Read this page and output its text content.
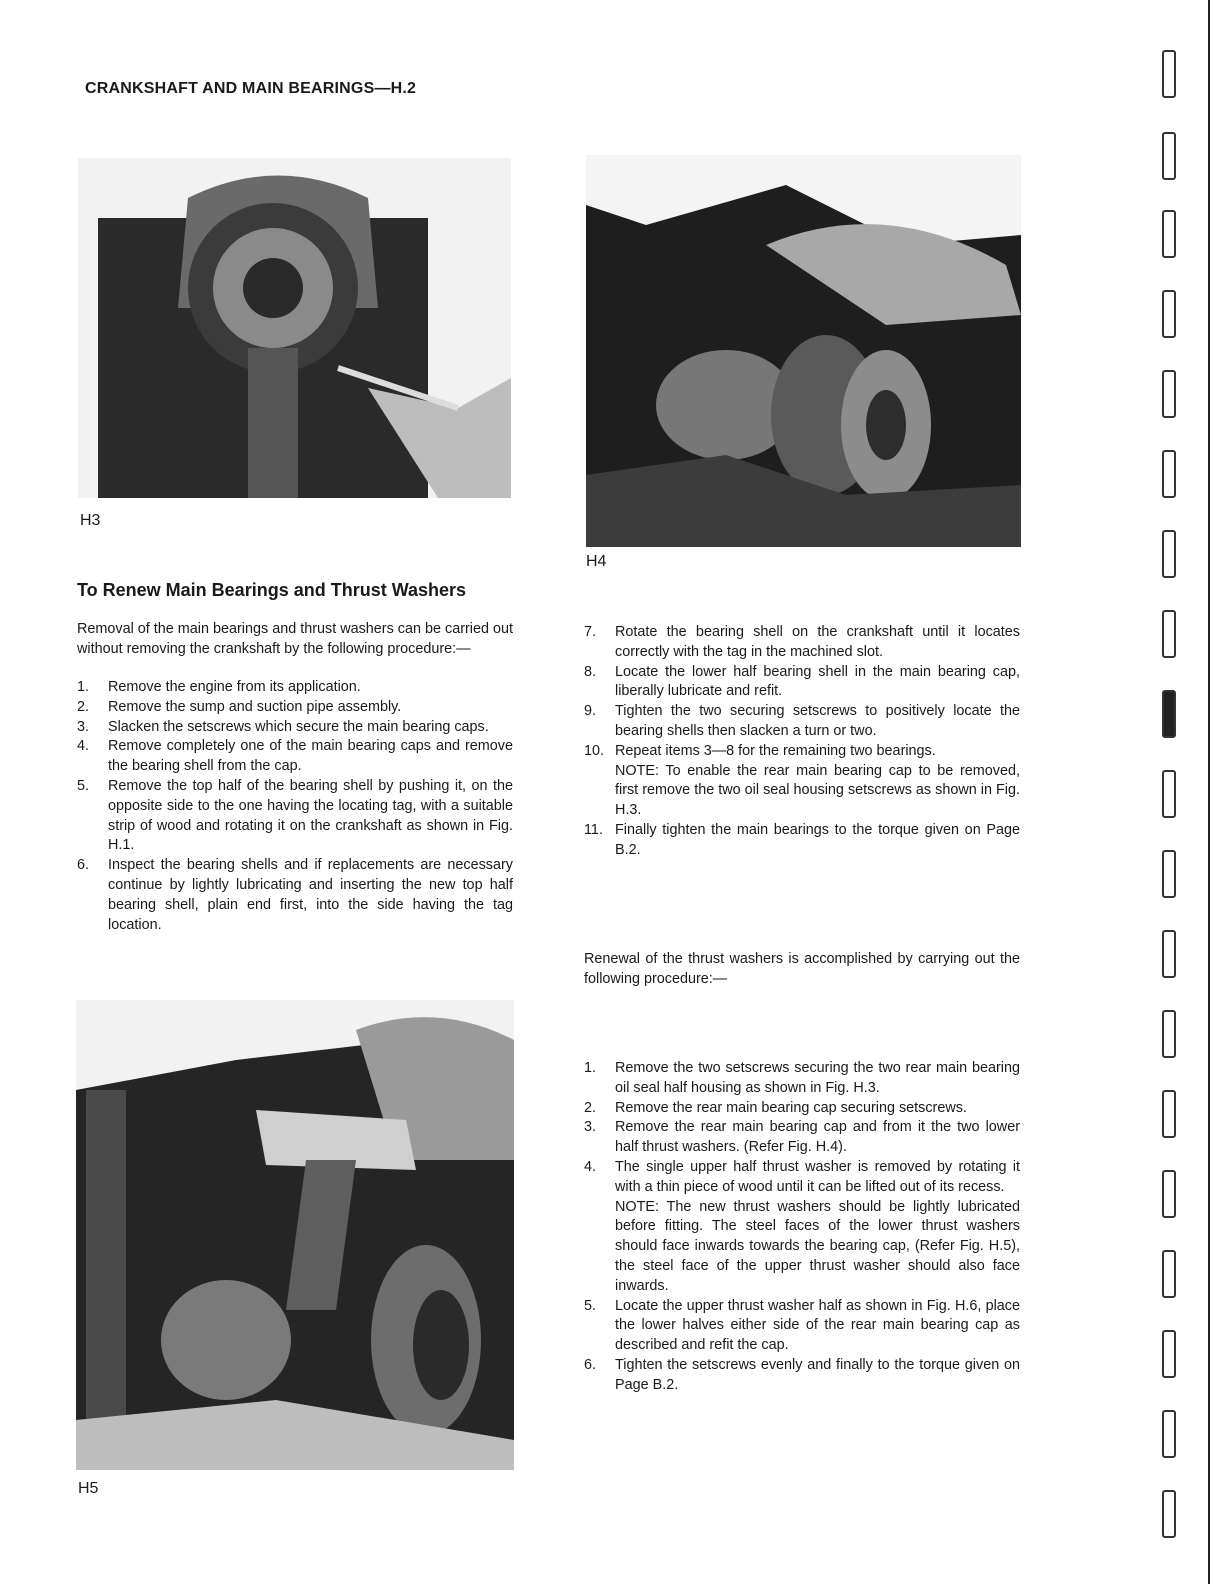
CRANKSHAFT AND MAIN BEARINGS—H.2
H3
H4
H5
To Renew Main Bearings and Thrust Washers
Removal of the main bearings and thrust washers can be carried out without removing the crankshaft by the following procedure:—
1. Remove the engine from its application.
2. Remove the sump and suction pipe assembly.
3. Slacken the setscrews which secure the main bearing caps.
4. Remove completely one of the main bearing caps and remove the bearing shell from the cap.
5. Remove the top half of the bearing shell by pushing it, on the opposite side to the one having the locating tag, with a suitable strip of wood and rotating it on the crankshaft as shown in Fig. H.1.
6. Inspect the bearing shells and if replacements are necessary continue by lightly lubricating and inserting the new top half bearing shell, plain end first, into the side having the tag location.
7. Rotate the bearing shell on the crankshaft until it locates correctly with the tag in the machined slot.
8. Locate the lower half bearing shell in the main bearing cap, liberally lubricate and refit.
9. Tighten the two securing setscrews to positively locate the bearing shells then slacken a turn or two.
10. Repeat items 3—8 for the remaining two bearings.
NOTE: To enable the rear main bearing cap to be removed, first remove the two oil seal housing setscrews as shown in Fig. H.3.
11. Finally tighten the main bearings to the torque given on Page B.2.
Renewal of the thrust washers is accomplished by carrying out the following procedure:—
1. Remove the two setscrews securing the two rear main bearing oil seal half housing as shown in Fig. H.3.
2. Remove the rear main bearing cap securing setscrews.
3. Remove the rear main bearing cap and from it the two lower half thrust washers. (Refer Fig. H.4).
4. The single upper half thrust washer is removed by rotating it with a thin piece of wood until it can be lifted out of its recess.
NOTE: The new thrust washers should be lightly lubricated before fitting. The steel faces of the lower thrust washers should face inwards towards the bearing cap, (Refer Fig. H.5), the steel face of the upper thrust washer should also face inwards.
5. Locate the upper thrust washer half as shown in Fig. H.6, place the lower halves either side of the rear main bearing cap as described and refit the cap.
6. Tighten the setscrews evenly and finally to the torque given on Page B.2.
